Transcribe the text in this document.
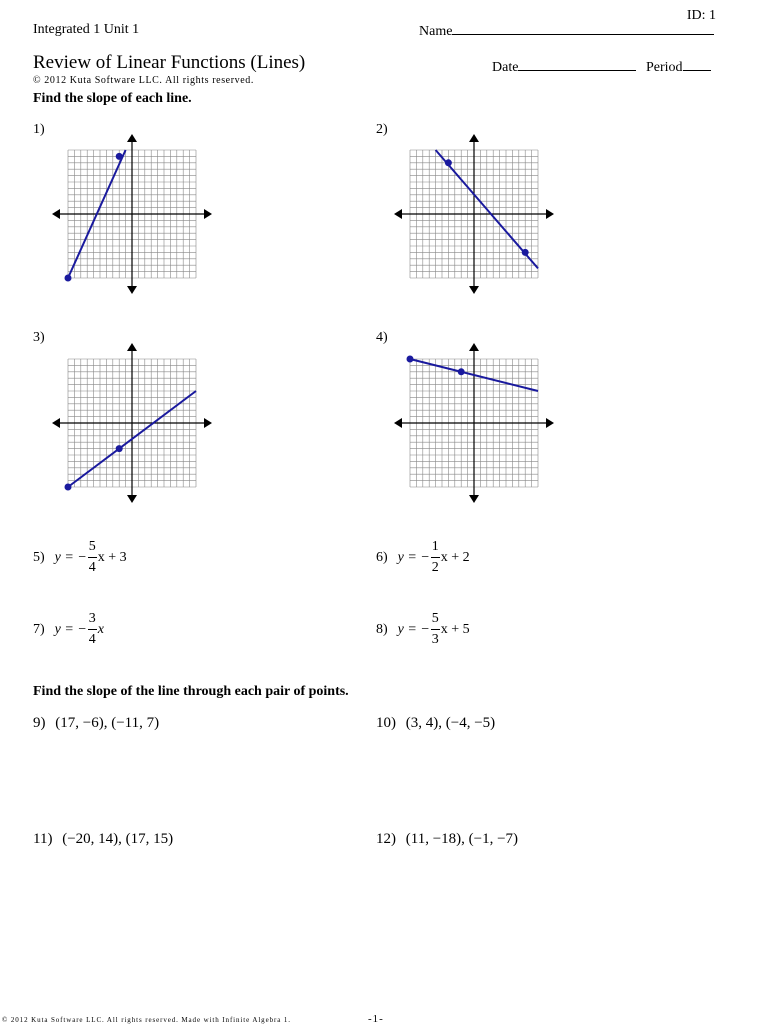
ID: 1
Integrated 1 Unit 1	Name
Review of Linear Functions (Lines)
© 2012 Kuta Software LLC. All rights reserved.
Date	Period
Find the slope of each line.
1)	2)
3)	4)
5) y = − $\frac{5}{4}$ x + 3	6) y = − $\frac{1}{2}$ x + 2
7) y = − $\frac{3}{4}$ x	8) y = − $\frac{5}{3}$ x + 5
Find the slope of the line through each pair of points.
9) (17, −6), (−11, 7)	10) (3, 4), (−4, −5)
11) (−20, 14), (17, 15)	12) (11, −18), (−1, −7)
© 2012 Kuta Software LLC. All rights reserved. Made with Infinite Algebra 1.	-1-
